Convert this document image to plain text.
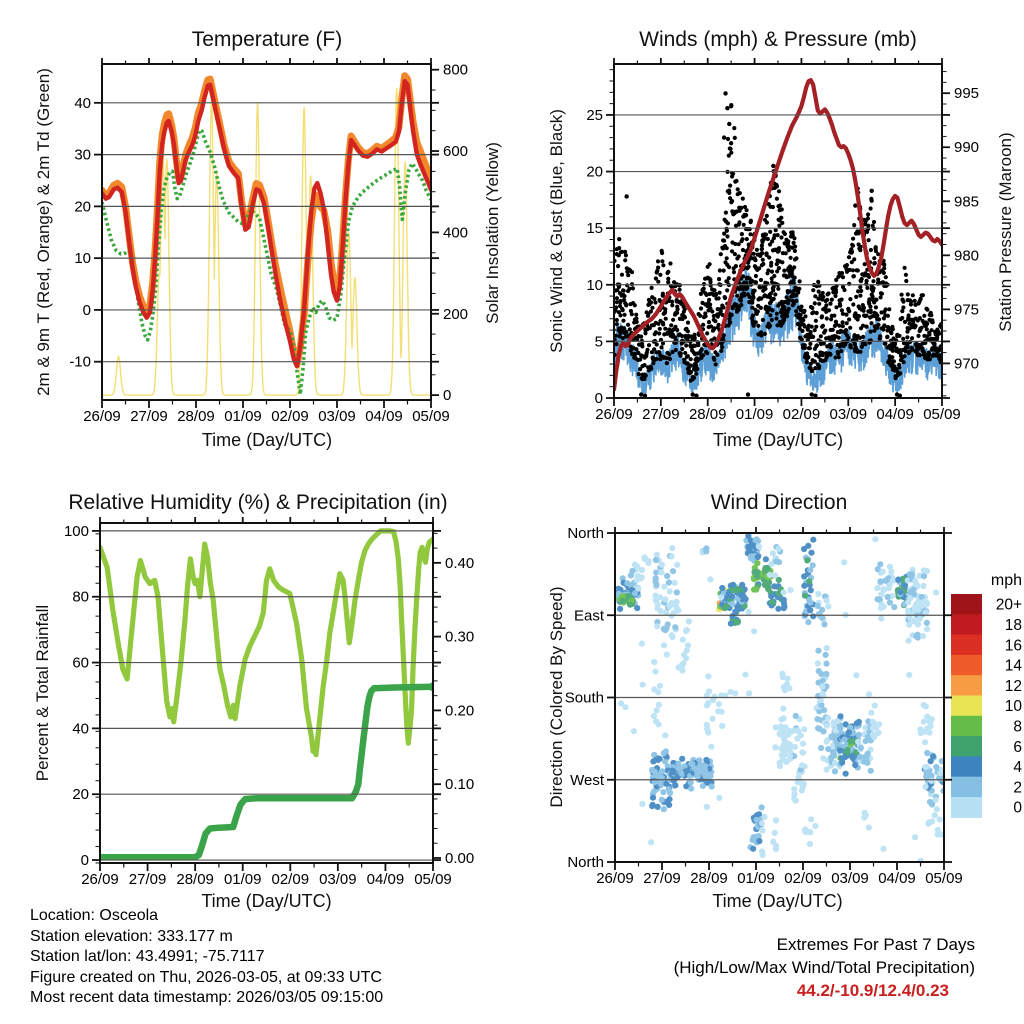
26/09 27/09 28/09 01/09 02/09 03/09 04/09 05/09
-10
0
10
20
30
40
0
200
400
600
800
26/09 27/09 28/09 01/09 02/09 03/09 04/09 05/09
0
5
10
15
20
25
970
975
980
985
990
995
26/09 27/09 28/09 01/09 02/09 03/09 04/09 05/09
0
20
40
60
80
100
0.00
0.10
0.20
0.30
0.40
20+
18
16
14
12
10
8
6
4
2
0
mph
26/09 27/09 28/09 01/09 02/09 03/09 04/09 05/09
North
West
South
East
North
Temperature (F)	Winds (mph) & Pressure (mb)
Relative Humidity (%) & Precipitation (in)	Wind Direction
Time (Day/UTC)	Time (Day/UTC)
Time (Day/UTC)	Time (Day/UTC)
2m & 9m T (Red, Orange) & 2m Td (Green)	Solar Insolation (Yellow)	Sonic Wind & Gust (Blue, Black)	Station Pressure (Maroon)
Percent & Total Rainfall	Direction (Colored By Speed)
Location: Osceola
Station elevation: 333.177 m
Station lat/lon: 43.4991; -75.7117
Figure created on Thu, 2026-03-05, at 09:33 UTC
Most recent data timestamp: 2026/03/05 09:15:00
Extremes For Past 7 Days
(High/Low/Max Wind/Total Precipitation)
44.2/-10.9/12.4/0.23
